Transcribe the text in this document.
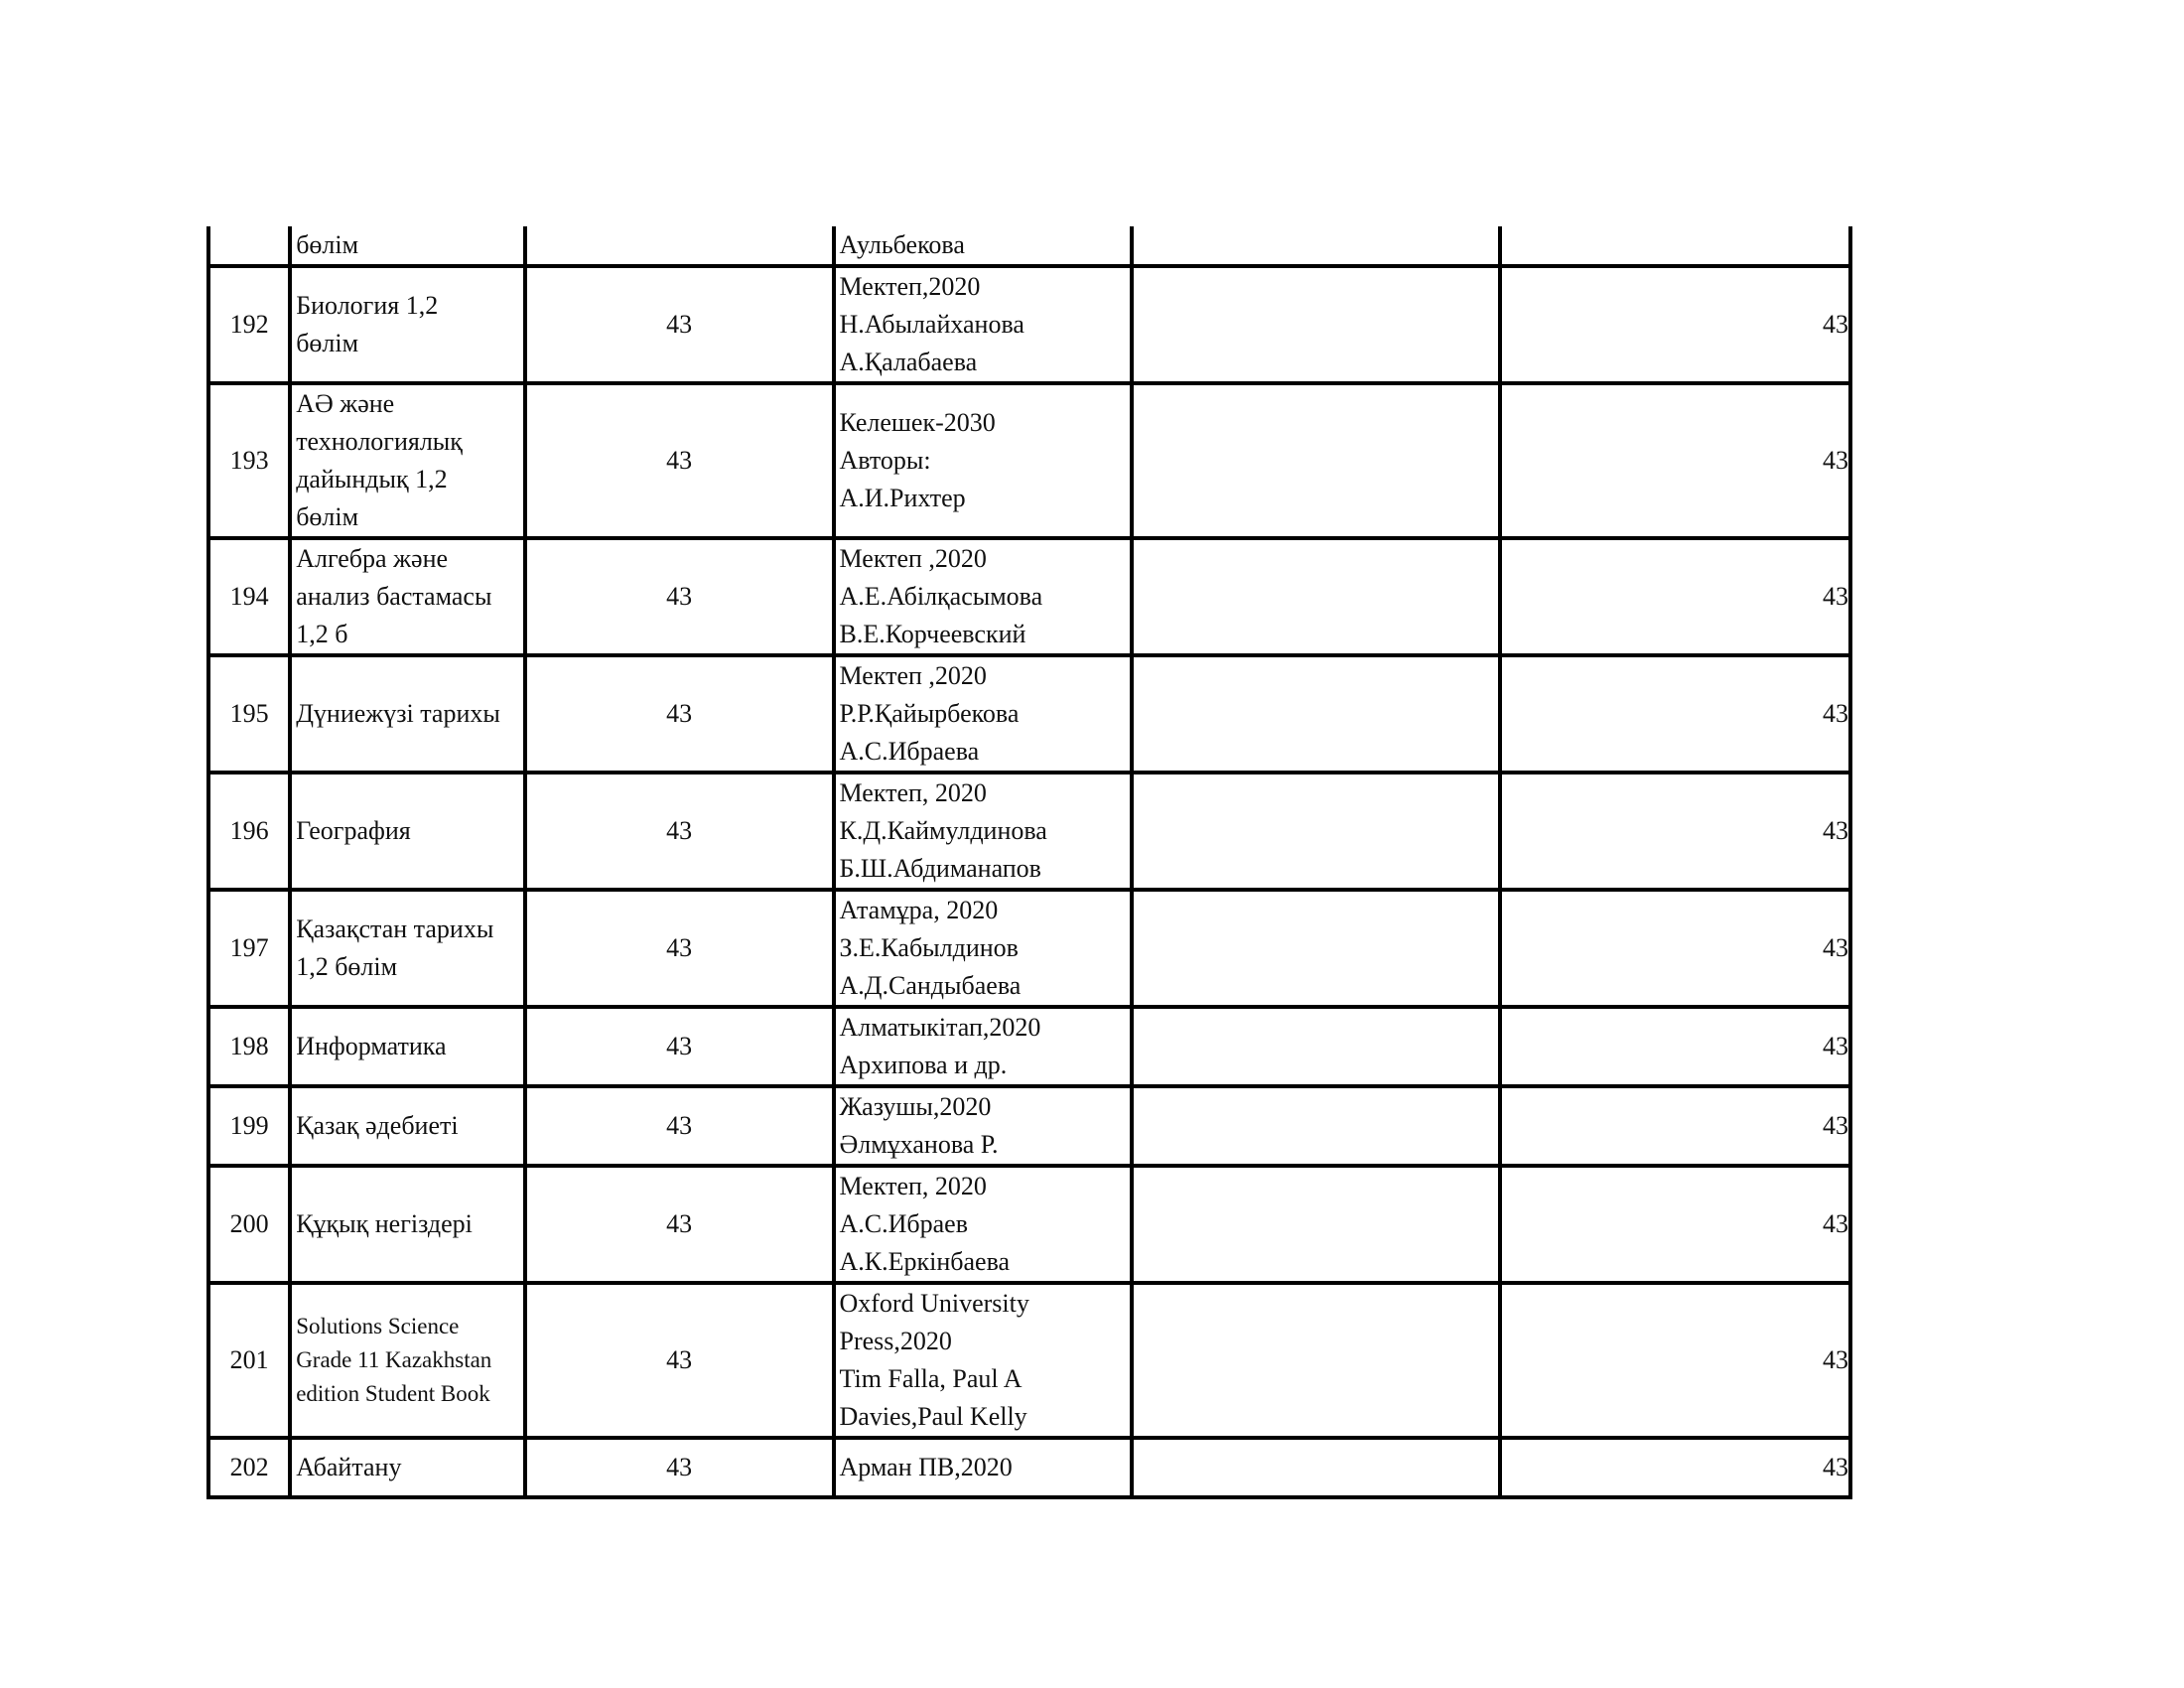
	бөлім		Аульбекова		

192	Биология 1,2
бөлім	43	Мектеп,2020
Н.Абылайханова
А.Қалабаева		43
193	АӘ және
технологиялық
дайындық 1,2
бөлім	43	Келешек-2030
Авторы:
А.И.Рихтер		43
194	Алгебра және
анализ бастамасы
1,2 б	43	Мектеп ,2020
А.Е.Абілқасымова
В.Е.Корчеевский		43
195	Дүниежүзі тарихы	43	Мектеп ,2020
Р.Р.Қайырбекова
А.С.Ибраева		43
196	География	43	Мектеп, 2020
К.Д.Каймулдинова
Б.Ш.Абдиманапов		43
197	Қазақстан тарихы
1,2 бөлім	43	Атамұра, 2020
З.Е.Кабылдинов
А.Д.Сандыбаева		43
198	Информатика	43	Алматыкітап,2020
Архипова и др.		43
199	Қазақ әдебиеті	43	Жазушы,2020
Әлмұханова Р.		43
200	Құқық негіздері	43	Мектеп, 2020
А.С.Ибраев
А.К.Еркінбаева		43
201	Solutions Science
Grade 11 Kazakhstan
edition Student Book	43	Oxford University
Press,2020
Tim Falla, Paul A
Davies,Paul Kelly		43
202	Абайтану	43	Арман ПВ,2020		43
